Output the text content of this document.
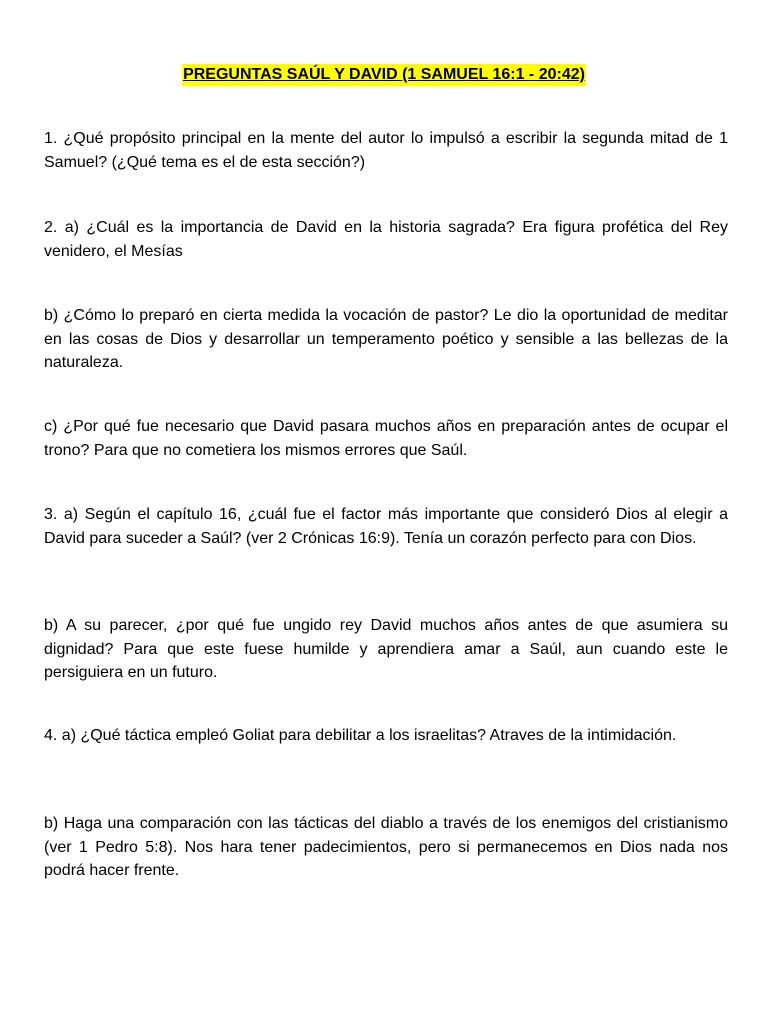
PREGUNTAS SAÚL Y DAVID (1 SAMUEL 16:1 - 20:42)

1. ¿Qué propósito principal en la mente del autor lo impulsó a escribir la segunda mitad de 1 Samuel? (¿Qué tema es el de esta sección?)

2. a) ¿Cuál es la importancia de David en la historia sagrada? Era figura profética del Rey venidero, el Mesías

b) ¿Cómo lo preparó en cierta medida la vocación de pastor? Le dio la oportunidad de meditar en las cosas de Dios y desarrollar un temperamento poético y sensible a las bellezas de la naturaleza.

c) ¿Por qué fue necesario que David pasara muchos años en preparación antes de ocupar el trono? Para que no cometiera los mismos errores que Saúl.

3. a) Según el capítulo 16, ¿cuál fue el factor más importante que consideró Dios al elegir a David para suceder a Saúl? (ver 2 Crónicas 16:9). Tenía un corazón perfecto para con Dios.

b) A su parecer, ¿por qué fue ungido rey David muchos años antes de que asumiera su dignidad? Para que este fuese humilde y aprendiera amar a Saúl, aun cuando este le persiguiera en un futuro.

4. a) ¿Qué táctica empleó Goliat para debilitar a los israelitas? Atraves de la intimidación.

b) Haga una comparación con las tácticas del diablo a través de los enemigos del cristianismo (ver 1 Pedro 5:8). Nos hara tener padecimientos, pero si permanecemos en Dios nada nos podrá hacer frente.
